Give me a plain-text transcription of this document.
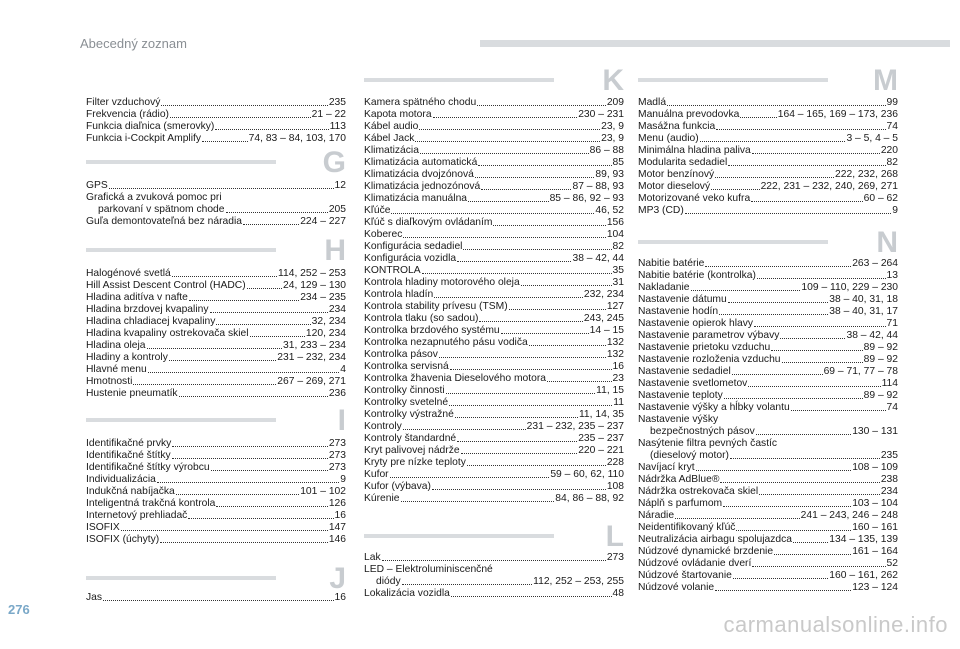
Abecedný zoznam
Filter vzduchový	235
Frekvencia (rádio)	21 – 22
Funkcia diaľnica (smerovky)	113
Funkcia i-Cockpit Amplify	74, 83 – 84, 103, 170
G
GPS	12
Grafická a zvuková pomoc pri
parkovaní v spätnom chode	205
Guľa demontovateľná bez náradia	224 – 227
H
Halogénové svetlá	114, 252 – 253
Hill Assist Descent Control (HADC)	24, 129 – 130
Hladina aditíva v nafte	234 – 235
Hladina brzdovej kvapaliny	234
Hladina chladiacej kvapaliny	32, 234
Hladina kvapaliny ostrekovača skiel	120, 234
Hladina oleja	31, 233 – 234
Hladiny a kontroly	231 – 232, 234
Hlavné menu	4
Hmotnosti	267 – 269, 271
Hustenie pneumatík	236
I
Identifikačné prvky	273
Identifikačné štítky	273
Identifikačné štítky výrobcu	273
Individualizácia	9
Indukčná nabíjačka	101 – 102
Inteligentná trakčná kontrola	126
Internetový prehliadač	16
ISOFIX	147
ISOFIX (úchyty)	146
J
Jas	16
K
Kamera spätného chodu	209
Kapota motora	230 – 231
Kábel audio	23, 9
Kábel Jack	23, 9
Klimatizácia	86 – 88
Klimatizácia automatická	85
Klimatizácia dvojzónová	89, 93
Klimatizácia jednozónová	87 – 88, 93
Klimatizácia manuálna	85 – 86, 92 – 93
Kľúče	46, 52
Kľúč s diaľkovým ovládaním	156
Koberec	104
Konfigurácia sedadiel	82
Konfigurácia vozidla	38 – 42, 44
KONTROLA	35
Kontrola hladiny motorového oleja	31
Kontrola hladín	232, 234
Kontrola stability prívesu (TSM)	127
Kontrola tlaku (so sadou)	243, 245
Kontrolka brzdového systému	14 – 15
Kontrolka nezapnutého pásu vodiča	132
Kontrolka pásov	132
Kontrolka servisná	16
Kontrolka žhavenia Dieselového motora	23
Kontrolky činnosti	11, 15
Kontrolky svetelné	11
Kontrolky výstražné	11, 14, 35
Kontroly	231 – 232, 235 – 237
Kontroly štandardné	235 – 237
Kryt palivovej nádrže	220 – 221
Kryty pre nízke teploty	228
Kufor	59 – 60, 62, 110
Kufor (výbava)	108
Kúrenie	84, 86 – 88, 92
L
Lak	273
LED – Elektroluminiscenčné
diódy	112, 252 – 253, 255
Lokalizácia vozidla	48
M
Madlá	99
Manuálna prevodovka	164 – 165, 169 – 173, 236
Masážna funkcia	74
Menu (audio)	3 – 5, 4 – 5
Minimálna hladina paliva	220
Modularita sedadiel	82
Motor benzínový	222, 232, 268
Motor dieselový	222, 231 – 232, 240, 269, 271
Motorizované veko kufra	60 – 62
MP3 (CD)	9
N
Nabitie batérie	263 – 264
Nabitie batérie (kontrolka)	13
Nakladanie	109 – 110, 229 – 230
Nastavenie dátumu	38 – 40, 31, 18
Nastavenie hodín	38 – 40, 31, 17
Nastavenie opierok hlavy	71
Nastavenie parametrov výbavy	38 – 42, 44
Nastavenie prietoku vzduchu	89 – 92
Nastavenie rozloženia vzduchu	89 – 92
Nastavenie sedadiel	69 – 71, 77 – 78
Nastavenie svetlometov	114
Nastavenie teploty	89 – 92
Nastavenie výšky a hĺbky volantu	74
Nastavenie výšky
bezpečnostných pásov	130 – 131
Nasýtenie filtra pevných častíc
(dieselový motor)	235
Navíjací kryt	108 – 109
Nádržka AdBlue®	238
Nádržka ostrekovača skiel	234
Náplň s parfumom	103 – 104
Náradie	241 – 243, 246 – 248
Neidentifikovaný kľúč	160 – 161
Neutralizácia airbagu spolujazdca	134 – 135, 139
Núdzové dynamické brzdenie	161 – 164
Núdzové ovládanie dverí	52
Núdzové štartovanie	160 – 161, 262
Núdzové volanie	123 – 124
276
carmanualsonline.info
